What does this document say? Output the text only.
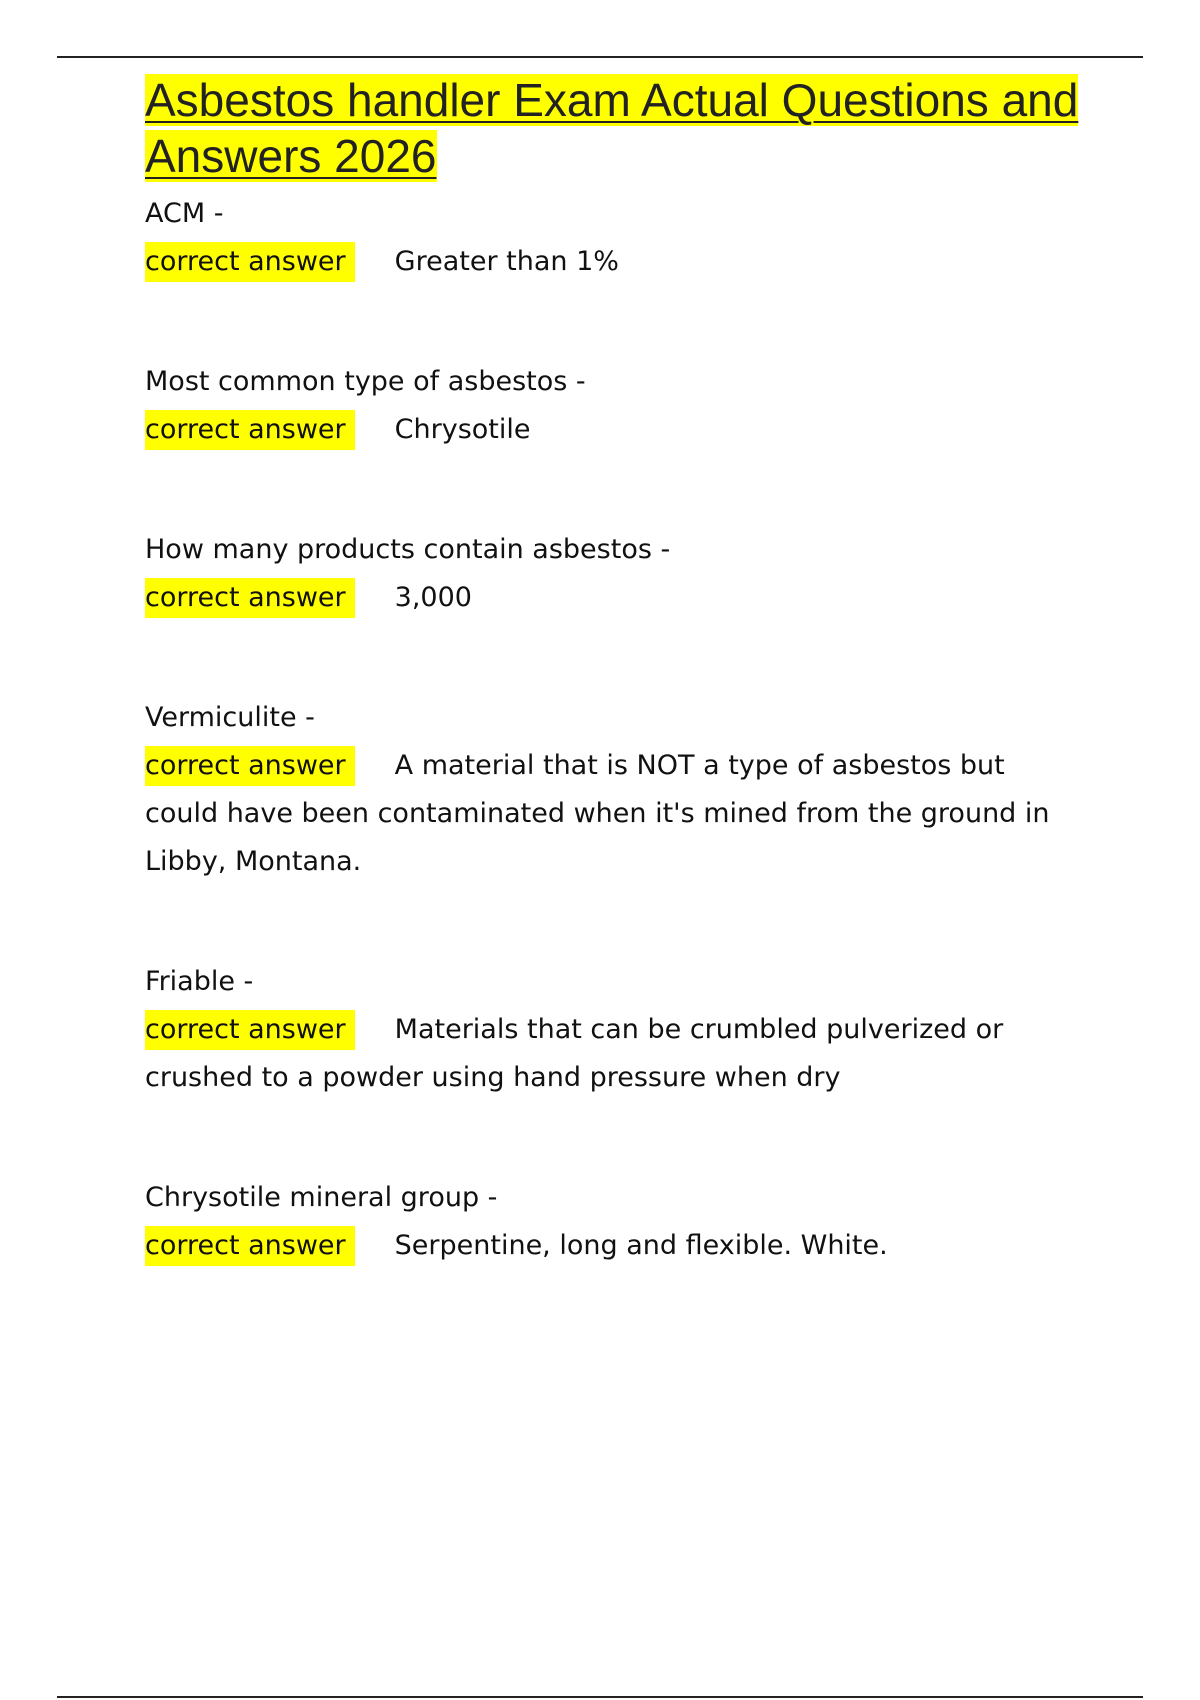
Asbestos handler Exam Actual Questions and Answers 2026

ACM -

correct answer Greater than 1%

Most common type of asbestos -

correct answer Chrysotile

How many products contain asbestos -

correct answer 3,000

Vermiculite -

correct answer A material that is NOT a type of asbestos but could have been contaminated when it's mined from the ground in Libby, Montana.

Friable -

correct answer Materials that can be crumbled pulverized or crushed to a powder using hand pressure when dry

Chrysotile mineral group -

correct answer Serpentine, long and flexible. White.
